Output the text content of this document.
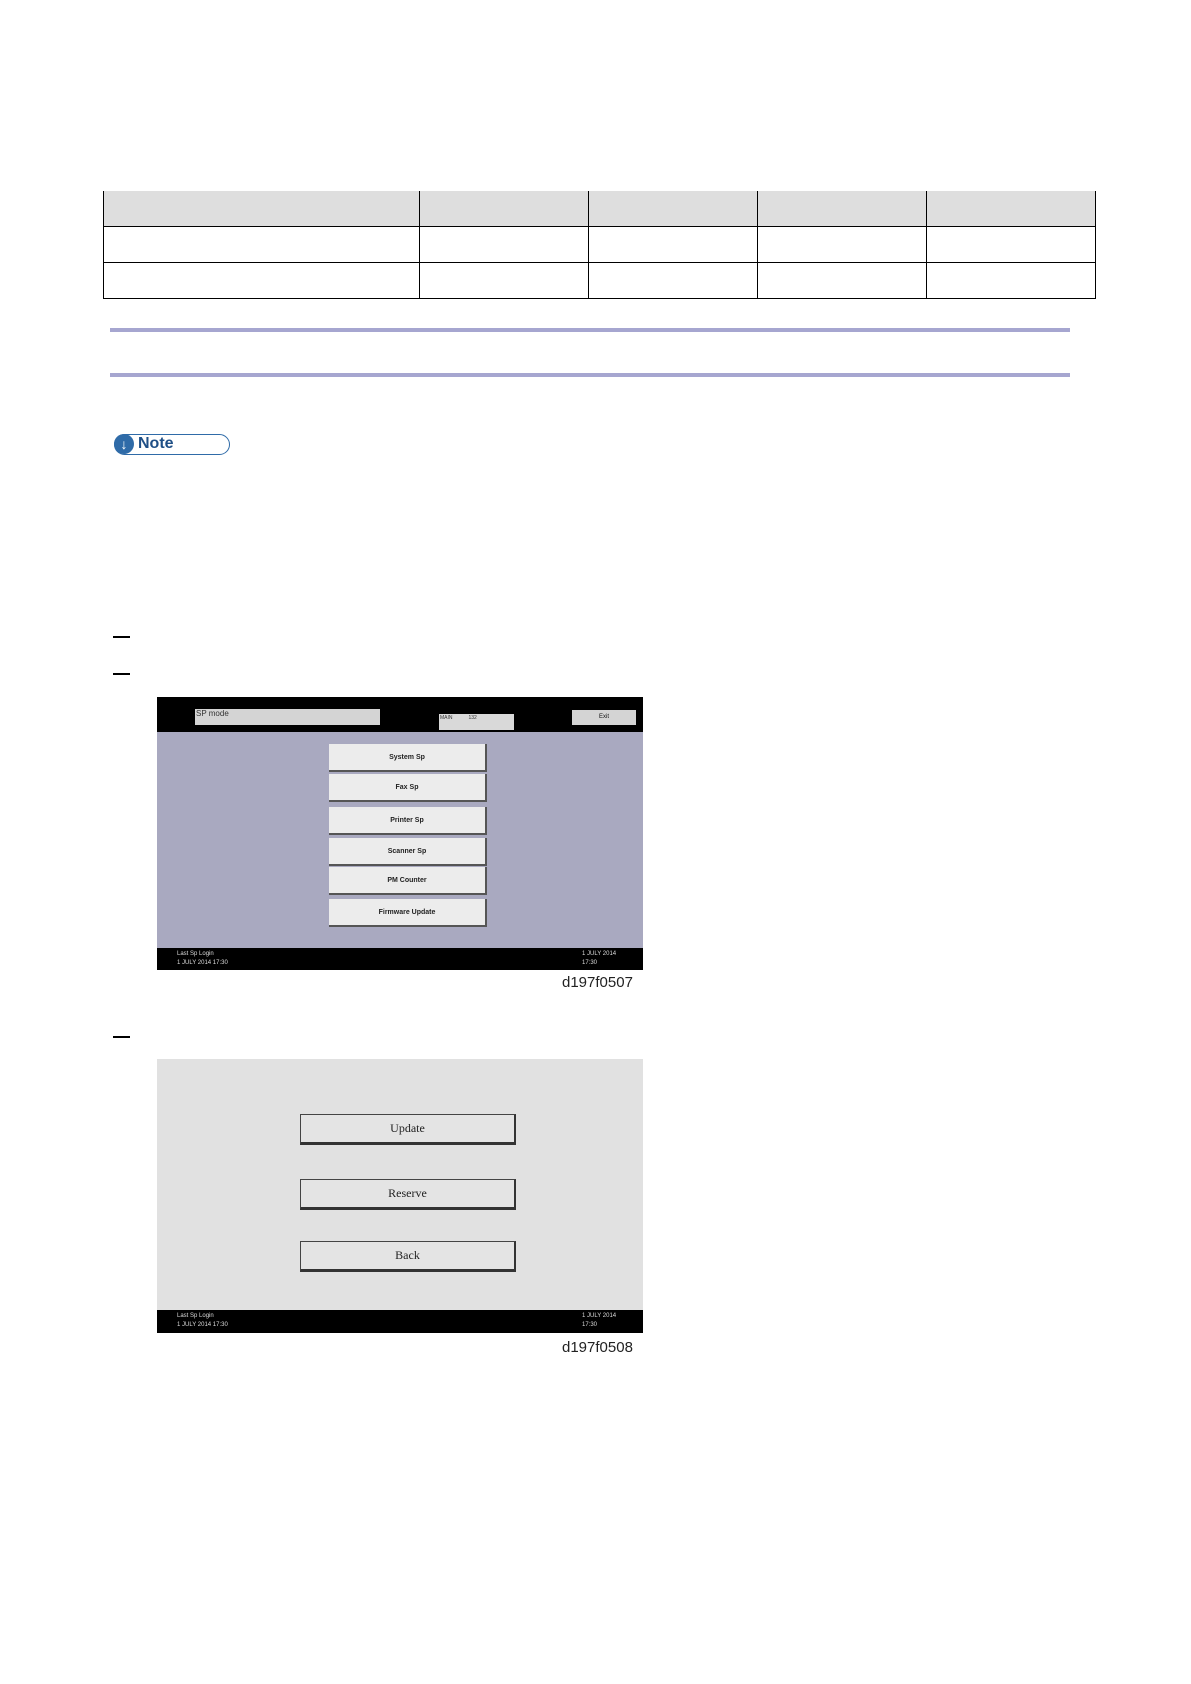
↓ Note
SP mode	MAIN	132	Exit
System Sp
Fax Sp
Printer Sp
Scanner Sp
PM Counter
Firmware Update
Last Sp Login
1 JULY 2014 17:30
1 JULY 2014
17:30
d197f0507
Update
Reserve
Back
Last Sp Login
1 JULY 2014 17:30
1 JULY 2014
17:30
d197f0508
